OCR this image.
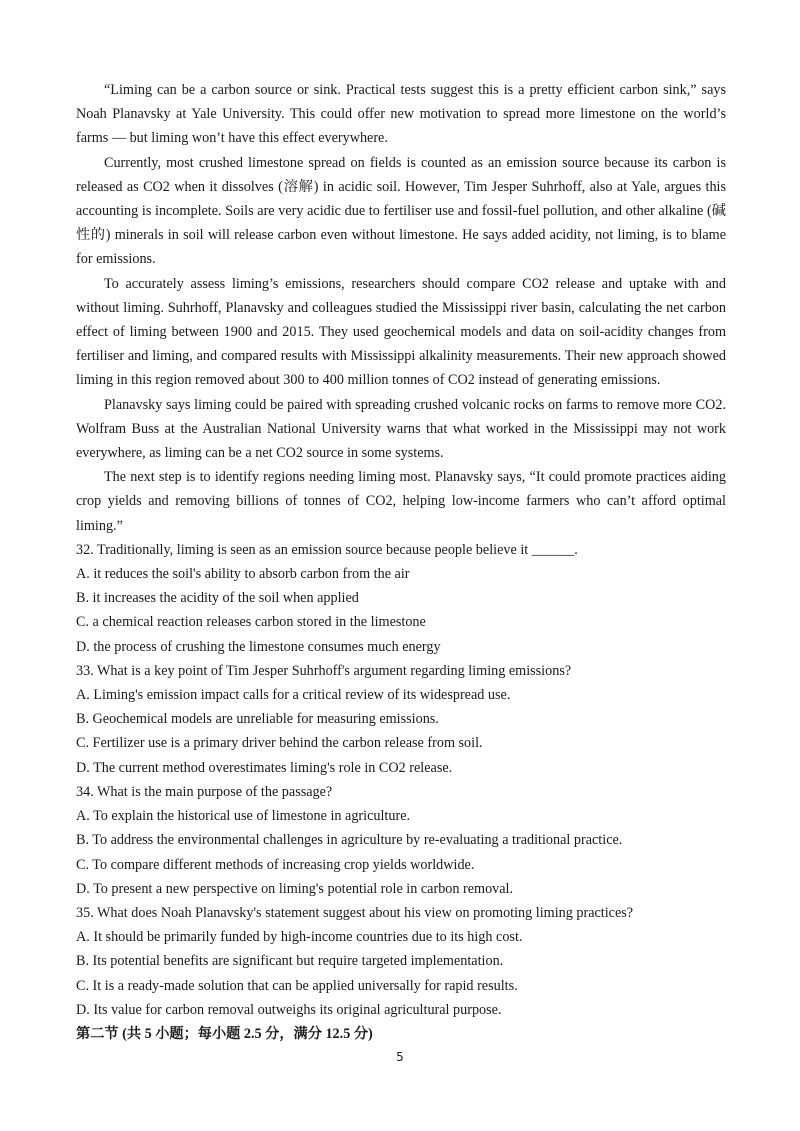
“Liming can be a carbon source or sink. Practical tests suggest this is a pretty efficient carbon sink,” says Noah Planavsky at Yale University. This could offer new motivation to spread more limestone on the world’s farms — but liming won’t have this effect everywhere.

Currently, most crushed limestone spread on fields is counted as an emission source because its carbon is released as CO2 when it dissolves (溶解) in acidic soil. However, Tim Jesper Suhrhoff, also at Yale, argues this accounting is incomplete. Soils are very acidic due to fertiliser use and fossil-fuel pollution, and other alkaline (碱性的) minerals in soil will release carbon even without limestone. He says added acidity, not liming, is to blame for emissions.

To accurately assess liming’s emissions, researchers should compare CO2 release and uptake with and without liming. Suhrhoff, Planavsky and colleagues studied the Mississippi river basin, calculating the net carbon effect of liming between 1900 and 2015. They used geochemical models and data on soil-acidity changes from fertiliser and liming, and compared results with Mississippi alkalinity measurements. Their new approach showed liming in this region removed about 300 to 400 million tonnes of CO2 instead of generating emissions.

Planavsky says liming could be paired with spreading crushed volcanic rocks on farms to remove more CO2. Wolfram Buss at the Australian National University warns that what worked in the Mississippi may not work everywhere, as liming can be a net CO2 source in some systems.

The next step is to identify regions needing liming most. Planavsky says, “It could promote practices aiding crop yields and removing billions of tonnes of CO2, helping low-income farmers who can’t afford optimal liming.”

32. Traditionally, liming is seen as an emission source because people believe it ______.

A. it reduces the soil's ability to absorb carbon from the air

B. it increases the acidity of the soil when applied

C. a chemical reaction releases carbon stored in the limestone

D. the process of crushing the limestone consumes much energy

33. What is a key point of Tim Jesper Suhrhoff's argument regarding liming emissions?

A. Liming's emission impact calls for a critical review of its widespread use.

B. Geochemical models are unreliable for measuring emissions.

C. Fertilizer use is a primary driver behind the carbon release from soil.

D. The current method overestimates liming's role in CO2 release.

34. What is the main purpose of the passage?

A. To explain the historical use of limestone in agriculture.

B. To address the environmental challenges in agriculture by re-evaluating a traditional practice.

C. To compare different methods of increasing crop yields worldwide.

D. To present a new perspective on liming's potential role in carbon removal.

35. What does Noah Planavsky's statement suggest about his view on promoting liming practices?

A. It should be primarily funded by high-income countries due to its high cost.

B. Its potential benefits are significant but require targeted implementation.

C. It is a ready-made solution that can be applied universally for rapid results.

D. Its value for carbon removal outweighs its original agricultural purpose.

第二节 (共 5 小题；每小题 2.5 分，满分 12.5 分)

5
